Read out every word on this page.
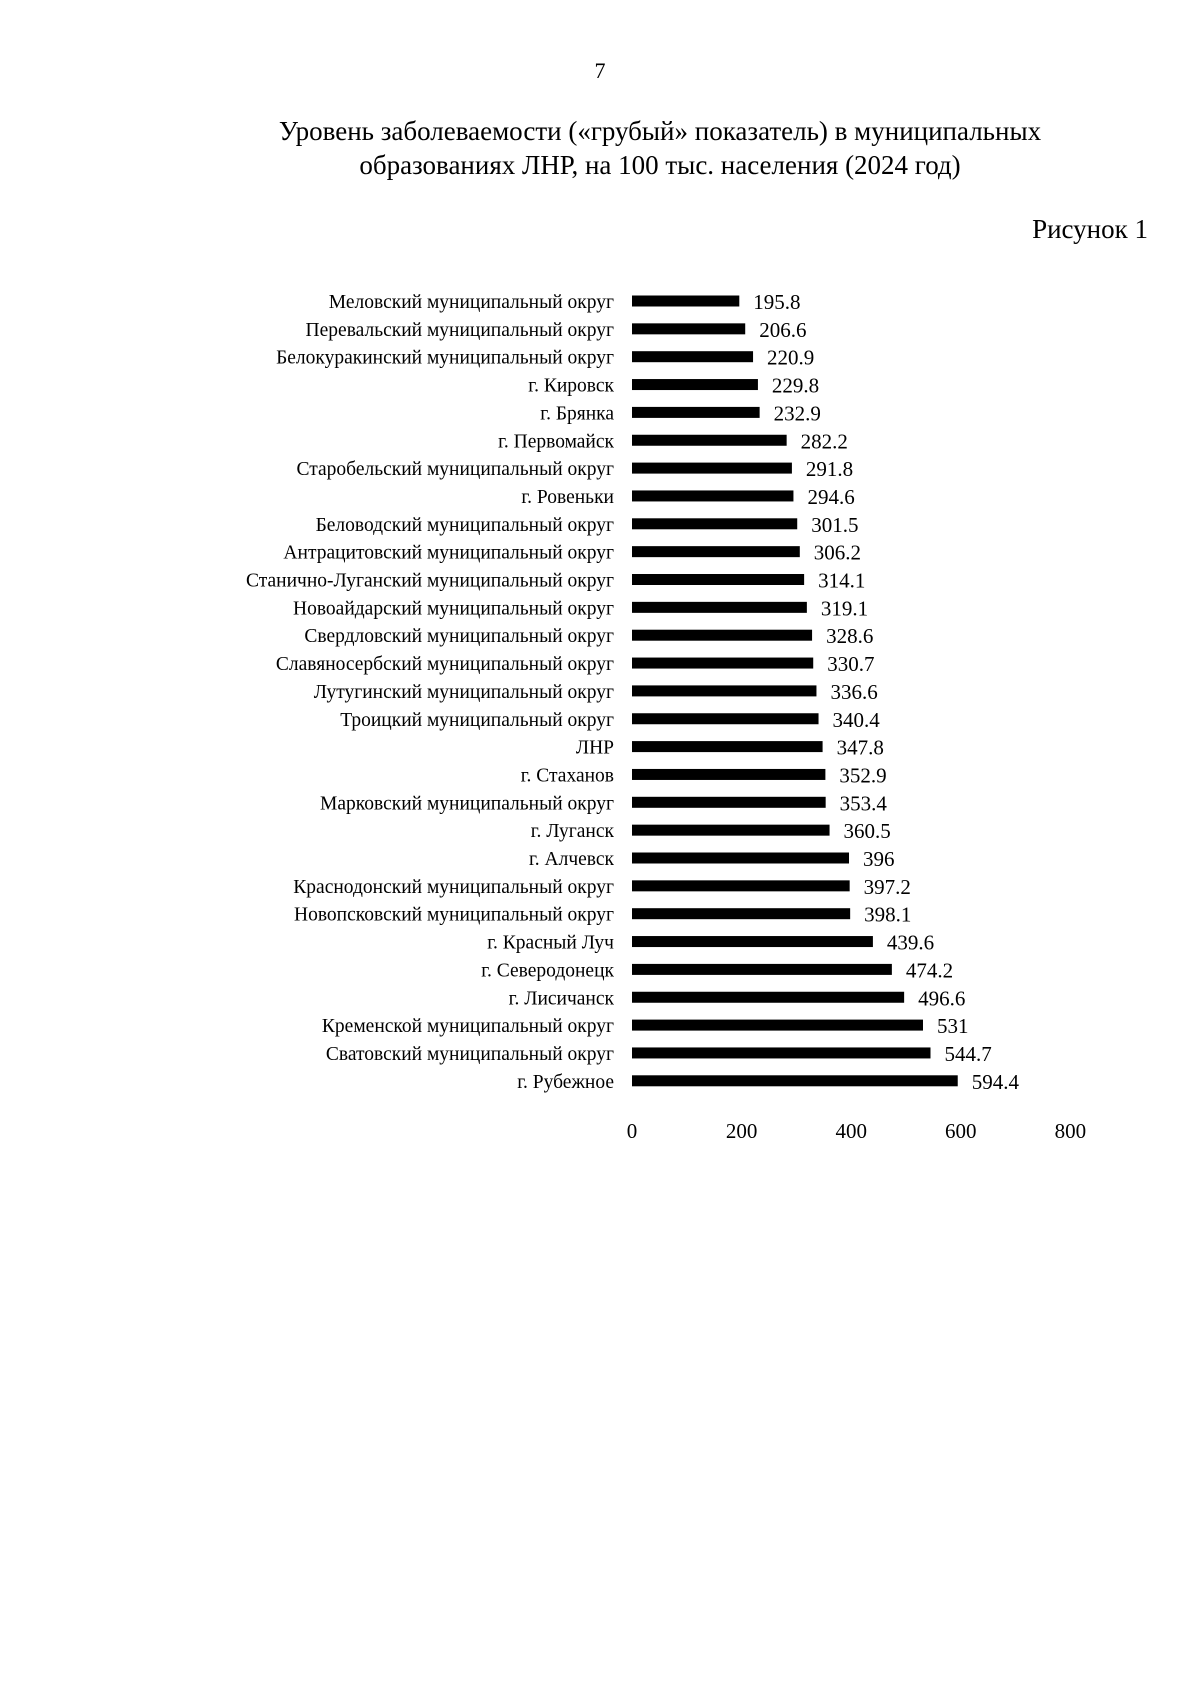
7
Уровень заболеваемости («грубый» показатель) в муниципальных
образованиях ЛНР, на 100 тыс. населения (2024 год)
Рисунок 1
Меловский муниципальный округ
Перевальский муниципальный округ
Белокуракинский муниципальный округ
г. Кировск
г. Брянка
г. Первомайск
Старобельский муниципальный округ
г. Ровеньки
Беловодский муниципальный округ
Антрацитовский муниципальный округ
Станично-Луганский муниципальный округ
Новоайдарский муниципальный округ
Свердловский муниципальный округ
Славяносербский муниципальный округ
Лутугинский муниципальный округ
Троицкий муниципальный округ
ЛНР
г. Стаханов
Марковский муниципальный округ
г. Луганск
г. Алчевск
Краснодонский муниципальный округ
Новопсковский муниципальный округ
г. Красный Луч
г. Северодонецк
г. Лисичанск
Кременской муниципальный округ
Сватовский муниципальный округ
г. Рубежное
195.8
206.6
220.9
229.8
232.9
282.2
291.8
294.6
301.5
306.2
314.1
319.1
328.6
330.7
336.6
340.4
347.8
352.9
353.4
360.5
396
397.2
398.1
439.6
474.2
496.6
531
544.7
594.4
0	200	400	600	800
